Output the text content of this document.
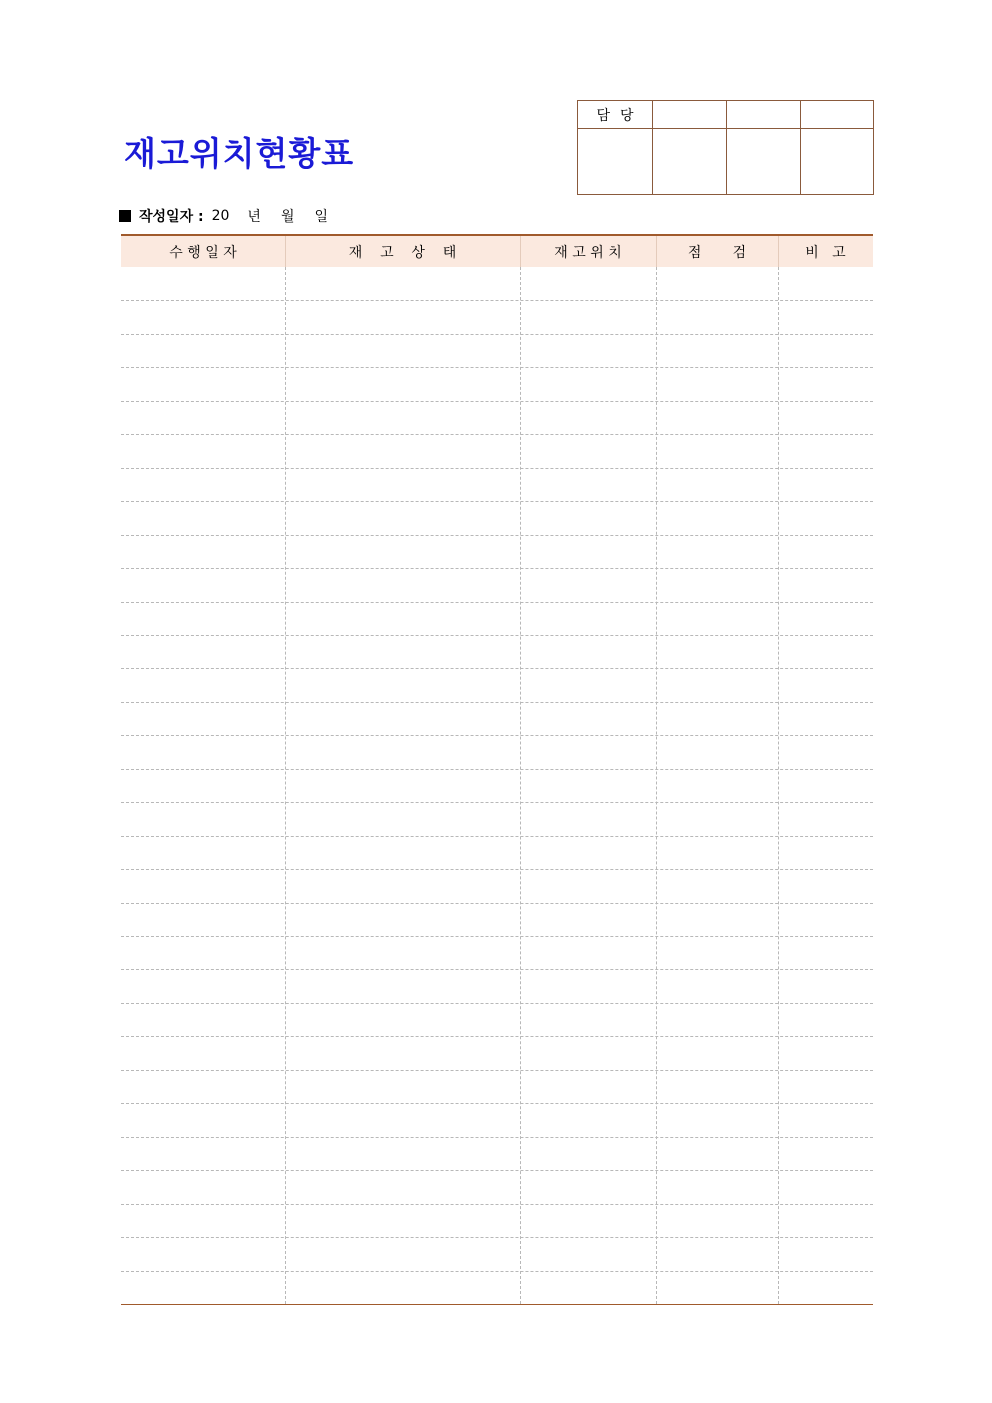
재고위치현황표
담당
작성일자 : 20 년 월 일
수 행 일 자	재    고    상    태	재 고 위 치	점       검	비   고
